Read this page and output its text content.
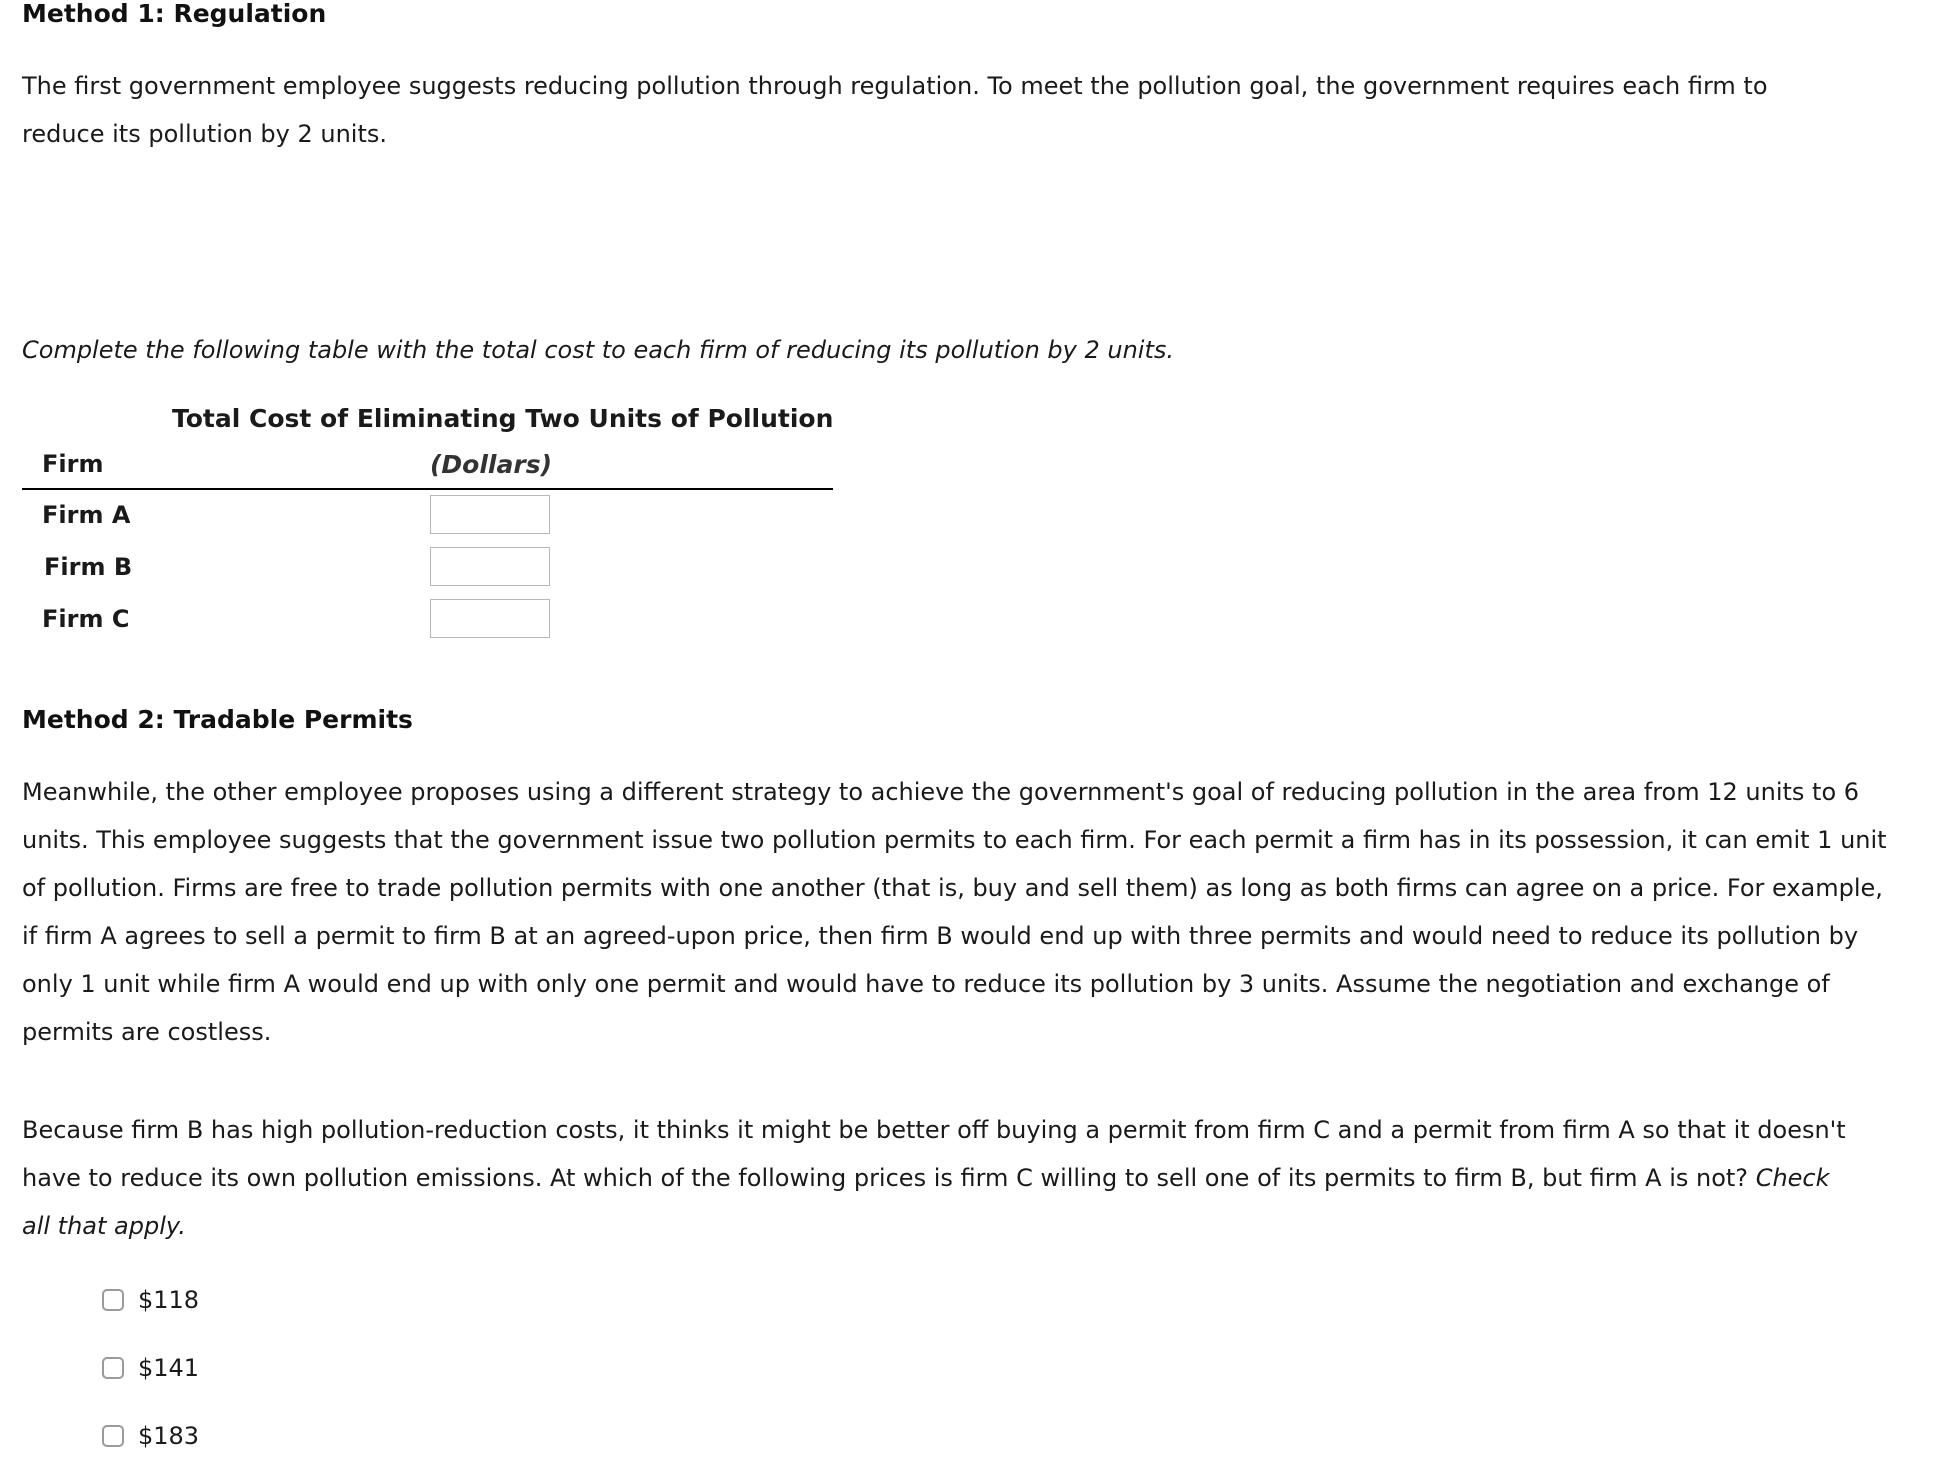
Method 1: Regulation

The first government employee suggests reducing pollution through regulation. To meet the pollution goal, the government requires each firm to reduce its pollution by 2 units.

Complete the following table with the total cost to each firm of reducing its pollution by 2 units.

Total Cost of Eliminating Two Units of Pollution
Firm	(Dollars)
Firm A
Firm B
Firm C
Method 2: Tradable Permits

Meanwhile, the other employee proposes using a different strategy to achieve the government's goal of reducing pollution in the area from 12 units to 6 units. This employee suggests that the government issue two pollution permits to each firm. For each permit a firm has in its possession, it can emit 1 unit of pollution. Firms are free to trade pollution permits with one another (that is, buy and sell them) as long as both firms can agree on a price. For example, if firm A agrees to sell a permit to firm B at an agreed-upon price, then firm B would end up with three permits and would need to reduce its pollution by only 1 unit while firm A would end up with only one permit and would have to reduce its pollution by 3 units. Assume the negotiation and exchange of permits are costless.

Because firm B has high pollution-reduction costs, it thinks it might be better off buying a permit from firm C and a permit from firm A so that it doesn't have to reduce its own pollution emissions. At which of the following prices is firm C willing to sell one of its permits to firm B, but firm A is not? Check all that apply.

$118
$141
$183
